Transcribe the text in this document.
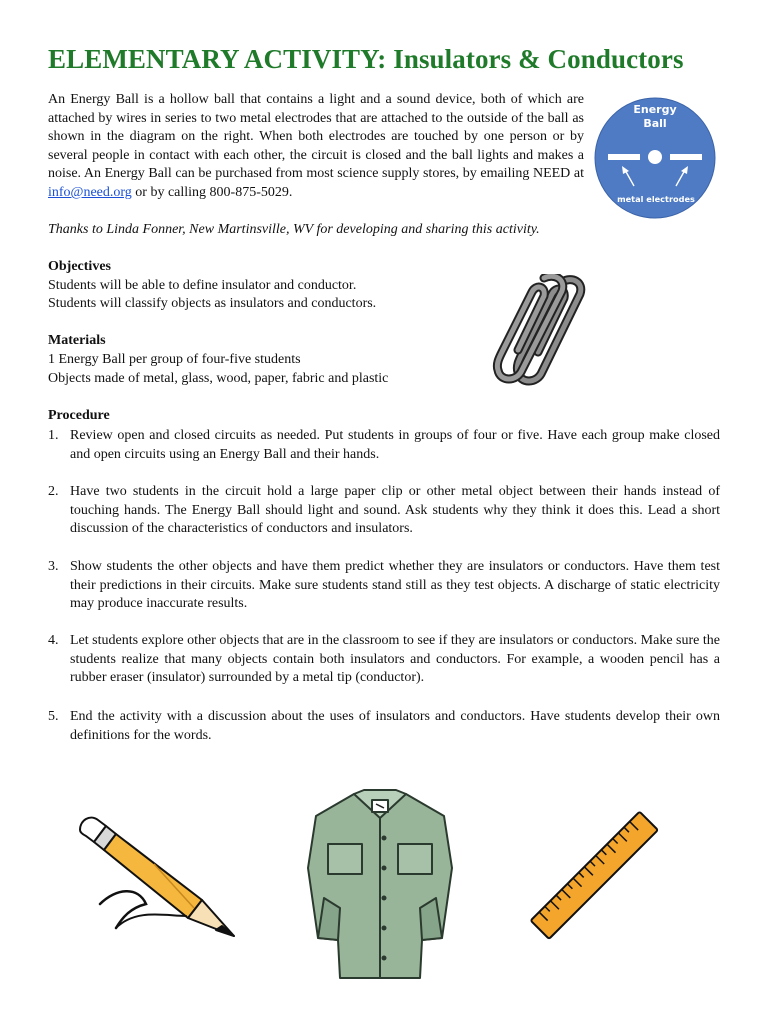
ELEMENTARY ACTIVITY: Insulators & Conductors

An Energy Ball is a hollow ball that contains a light and a sound device, both of which are attached by wires in series to two metal electrodes that are attached to the outside of the ball as shown in the diagram on the right. When both electrodes are touched by one person or by several people in contact with each other, the circuit is closed and the ball lights and makes a noise. An Energy Ball can be purchased from most science supply stores, by emailing NEED at info@need.org or by calling 800-875-5029.

Thanks to Linda Fonner, New Martinsville, WV for developing and sharing this activity.

Energy
Ball
metal electrodes
Objectives
Students will be able to define insulator and conductor.
Students will classify objects as insulators and conductors.
Materials
1 Energy Ball per group of four-five students
Objects made of metal, glass, wood, paper, fabric and plastic
Procedure
1. Review open and closed circuits as needed. Put students in groups of four or five. Have each group make closed and open circuits using an Energy Ball and their hands.
2. Have two students in the circuit hold a large paper clip or other metal object between their hands instead of touching hands. The Energy Ball should light and sound. Ask students why they think it does this. Lead a short discussion of the characteristics of conductors and insulators.
3. Show students the other objects and have them predict whether they are insulators or conductors. Have them test their predictions in their circuits. Make sure students stand still as they test objects. A discharge of static electricity may produce inaccurate results.
4. Let students explore other objects that are in the classroom to see if they are insulators or conductors. Make sure the students realize that many objects contain both insulators and conductors. For example, a wooden pencil has a rubber eraser (insulator) surrounded by a metal tip (conductor).
5. End the activity with a discussion about the uses of insulators and conductors. Have students develop their own definitions for the words.
